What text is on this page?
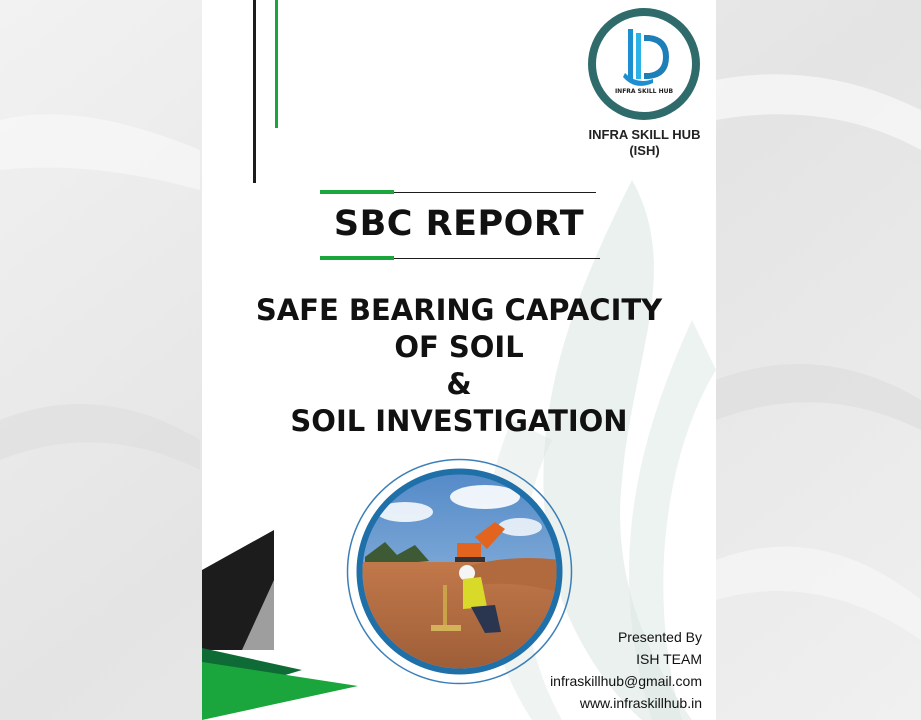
INFRA SKILL HUB
INFRA SKILL HUB
(ISH)
SBC REPORT
SAFE BEARING CAPACITY
OF SOIL
&
SOIL INVESTIGATION
Presented By
ISH TEAM
infraskillhub@gmail.com
www.infraskillhub.in
